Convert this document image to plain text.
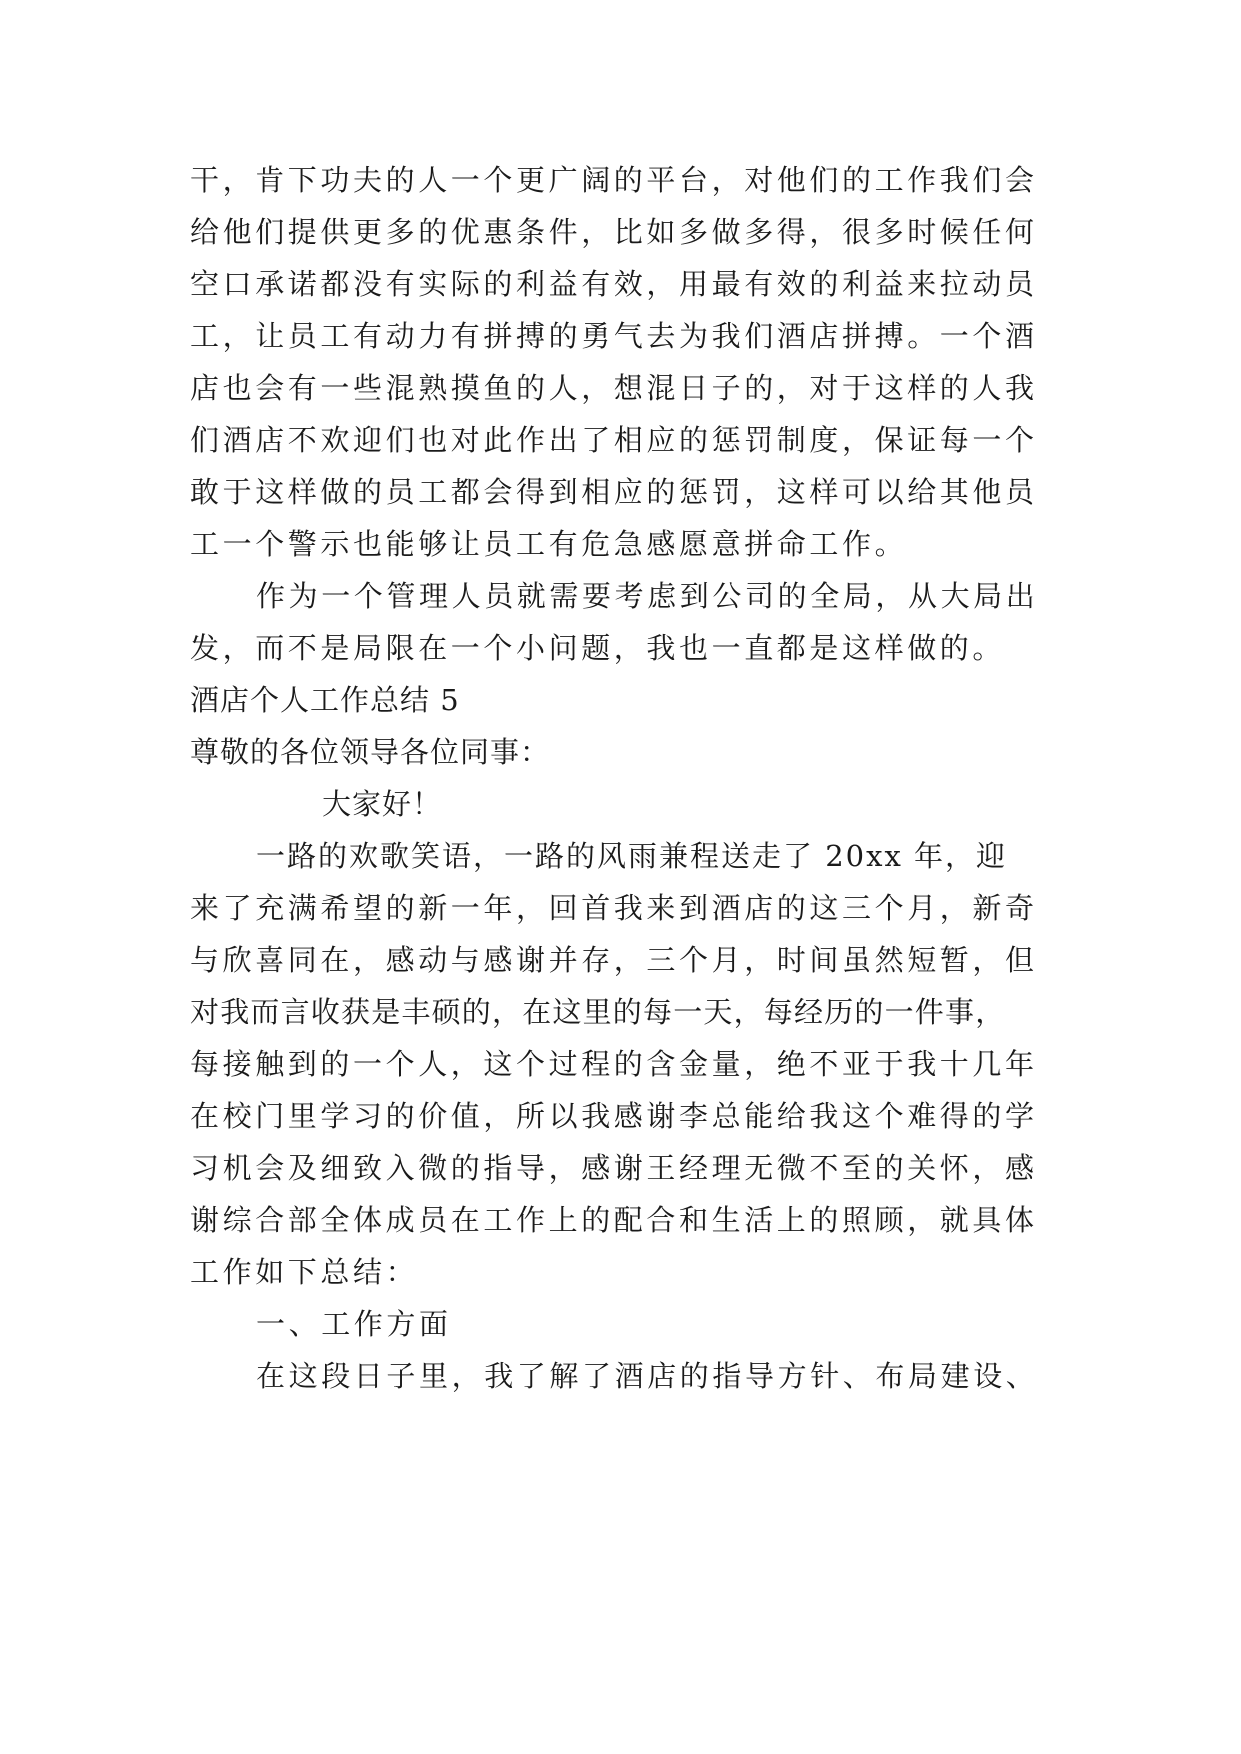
干，肯下功夫的人一个更广阔的平台，对他们的工作我们会
给他们提供更多的优惠条件，比如多做多得，很多时候任何
空口承诺都没有实际的利益有效，用最有效的利益来拉动员
工，让员工有动力有拼搏的勇气去为我们酒店拼搏。一个酒
店也会有一些混熟摸鱼的人，想混日子的，对于这样的人我
们酒店不欢迎们也对此作出了相应的惩罚制度，保证每一个
敢于这样做的员工都会得到相应的惩罚，这样可以给其他员
工一个警示也能够让员工有危急感愿意拼命工作。
作为一个管理人员就需要考虑到公司的全局，从大局出
发，而不是局限在一个小问题，我也一直都是这样做的。
酒店个人工作总结 5
尊敬的各位领导各位同事：
大家好！
一路的欢歌笑语，一路的风雨兼程送走了 20xx 年，迎
来了充满希望的新一年，回首我来到酒店的这三个月，新奇
与欣喜同在，感动与感谢并存，三个月，时间虽然短暂，但
对我而言收获是丰硕的，在这里的每一天，每经历的一件事，
每接触到的一个人，这个过程的含金量，绝不亚于我十几年
在校门里学习的价值，所以我感谢李总能给我这个难得的学
习机会及细致入微的指导，感谢王经理无微不至的关怀，感
谢综合部全体成员在工作上的配合和生活上的照顾，就具体
工作如下总结：
一、工作方面
在这段日子里，我了解了酒店的指导方针、布局建设、
